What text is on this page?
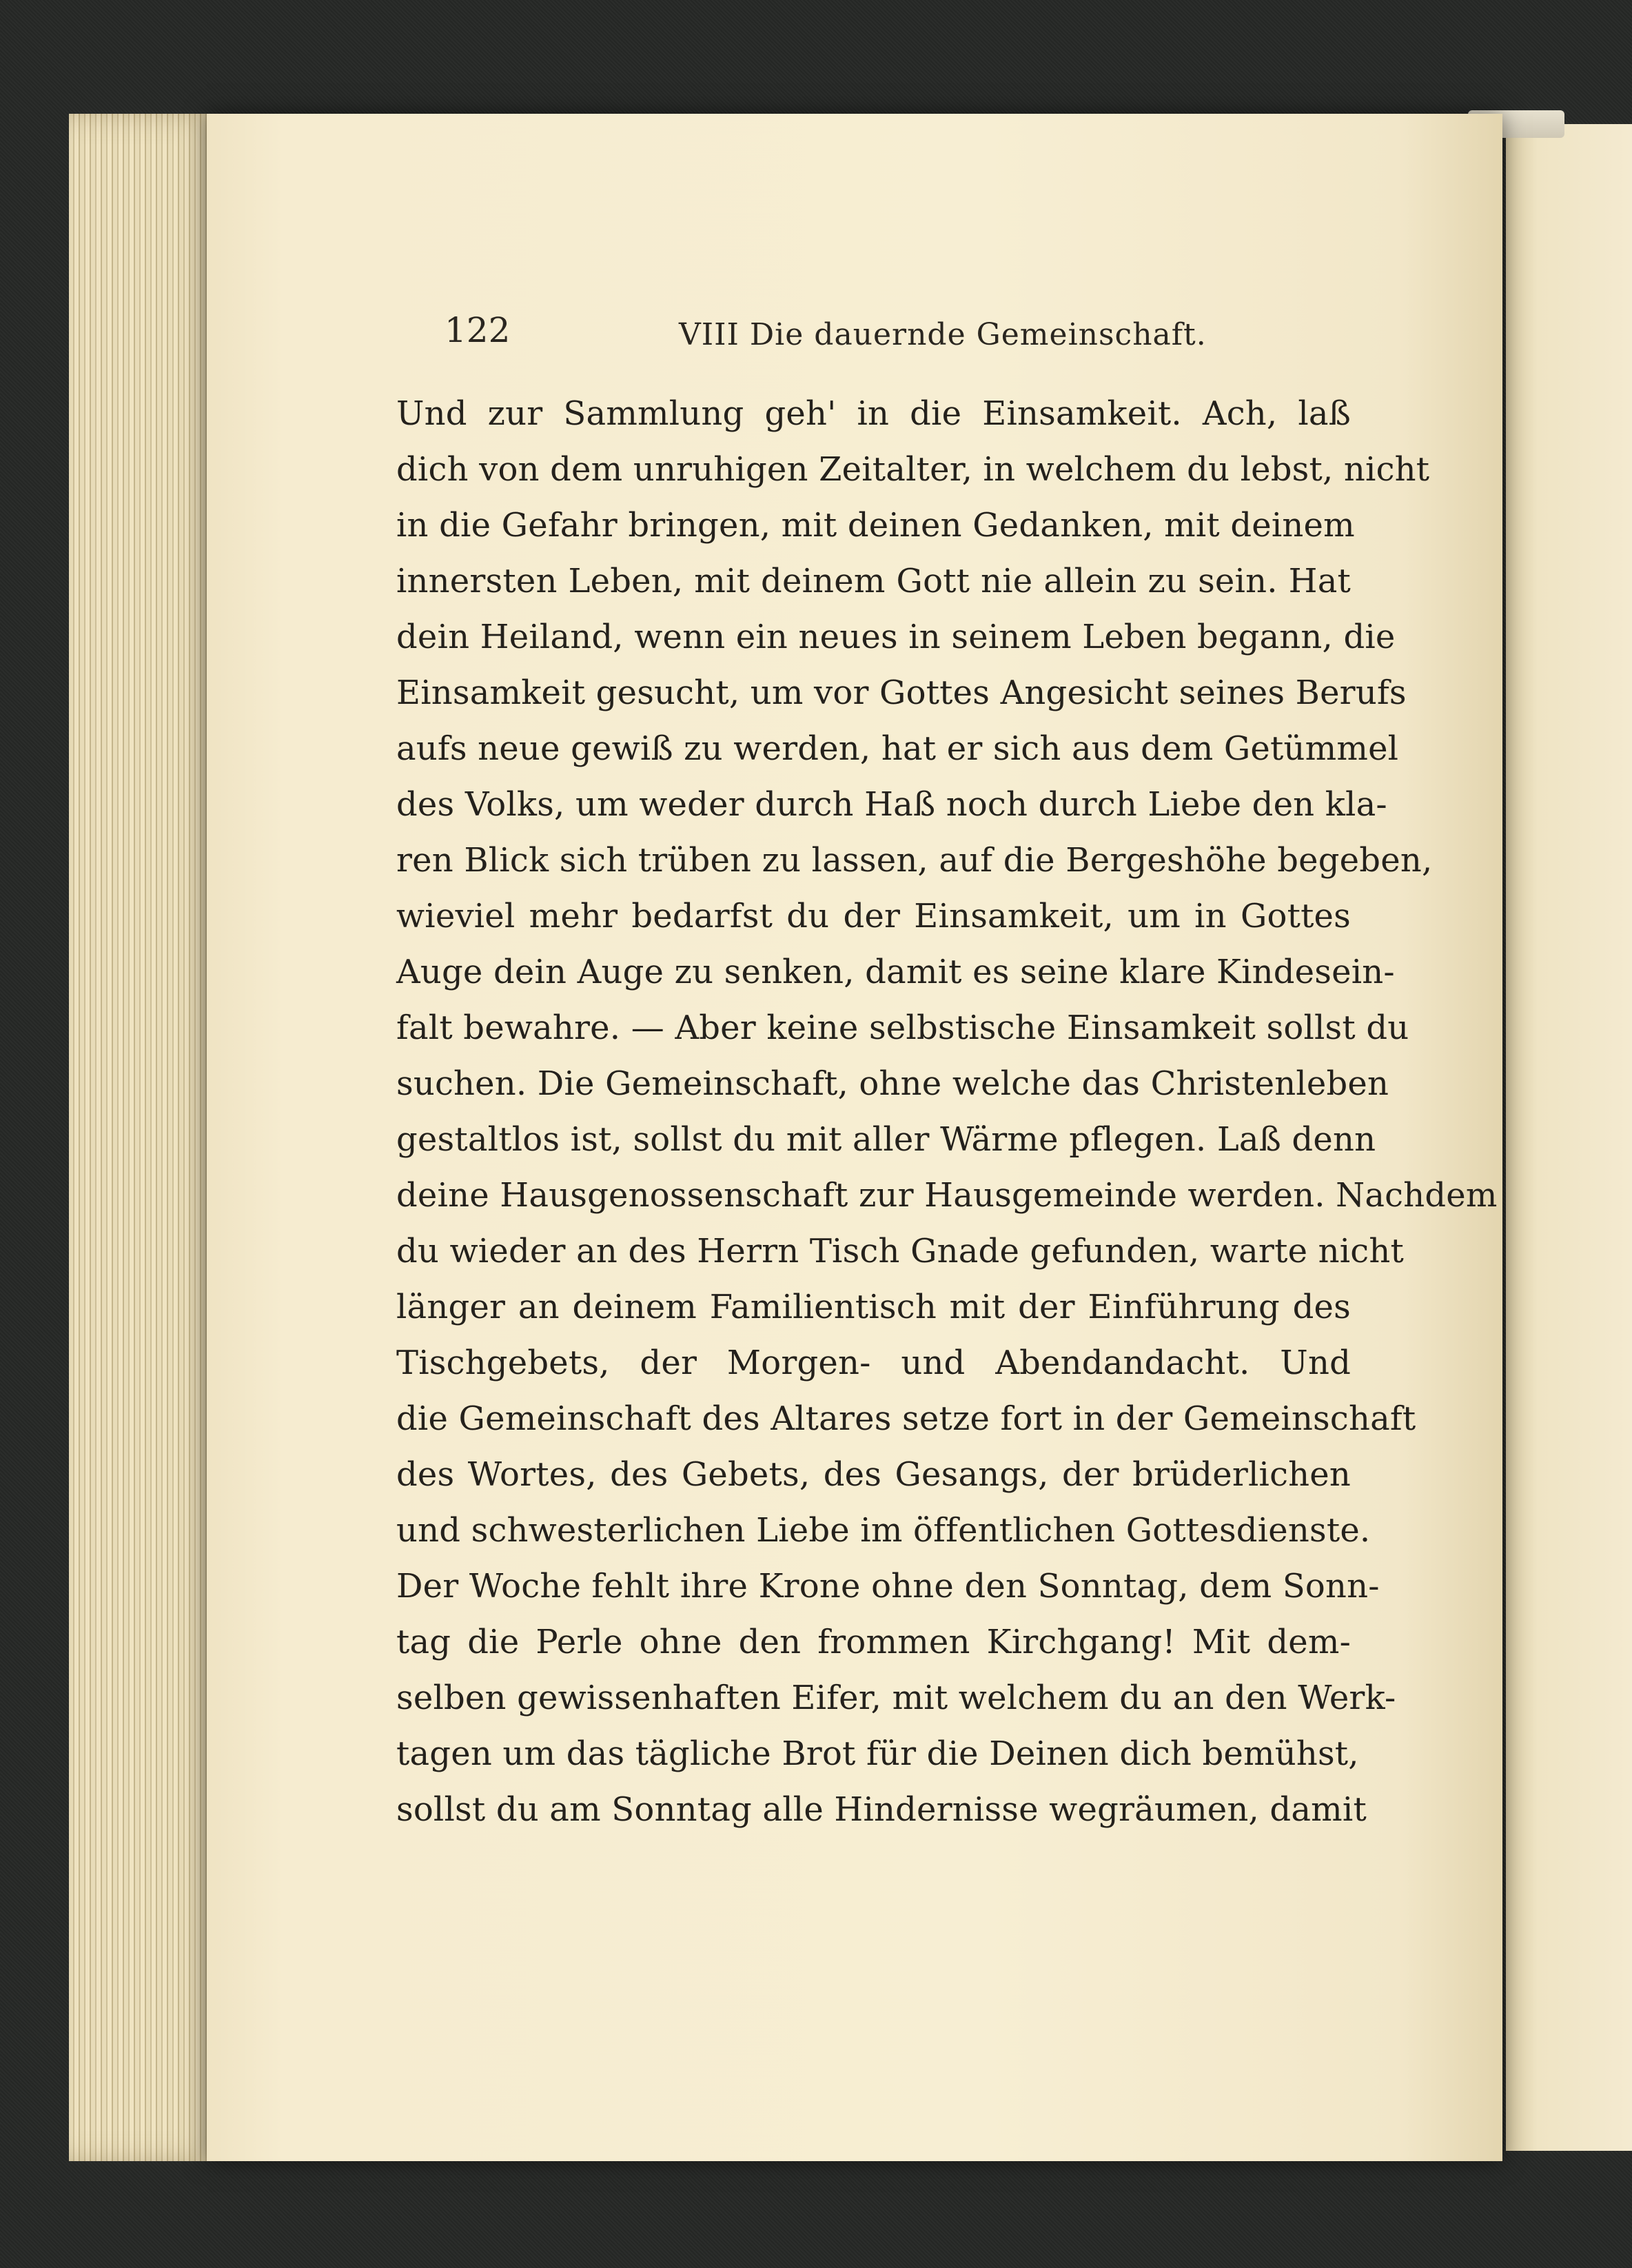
122	VIII Die dauernde Gemeinschaft.
Und zur Sammlung geh' in die Einsamkeit. Ach, laß
dich von dem unruhigen Zeitalter, in welchem du lebst, nicht
in die Gefahr bringen, mit deinen Gedanken, mit deinem
innersten Leben, mit deinem Gott nie allein zu sein. Hat
dein Heiland, wenn ein neues in seinem Leben begann, die
Einsamkeit gesucht, um vor Gottes Angesicht seines Berufs
aufs neue gewiß zu werden, hat er sich aus dem Getümmel
des Volks, um weder durch Haß noch durch Liebe den kla-
ren Blick sich trüben zu lassen, auf die Bergeshöhe begeben,
wieviel mehr bedarfst du der Einsamkeit, um in Gottes
Auge dein Auge zu senken, damit es seine klare Kindesein-
falt bewahre. — Aber keine selbstische Einsamkeit sollst du
suchen. Die Gemeinschaft, ohne welche das Christenleben
gestaltlos ist, sollst du mit aller Wärme pflegen. Laß denn
deine Hausgenossenschaft zur Hausgemeinde werden. Nachdem
du wieder an des Herrn Tisch Gnade gefunden, warte nicht
länger an deinem Familientisch mit der Einführung des
Tischgebets, der Morgen- und Abendandacht. Und
die Gemeinschaft des Altares setze fort in der Gemeinschaft
des Wortes, des Gebets, des Gesangs, der brüderlichen
und schwesterlichen Liebe im öffentlichen Gottesdienste.
Der Woche fehlt ihre Krone ohne den Sonntag, dem Sonn-
tag die Perle ohne den frommen Kirchgang! Mit dem-
selben gewissenhaften Eifer, mit welchem du an den Werk-
tagen um das tägliche Brot für die Deinen dich bemühst,
sollst du am Sonntag alle Hindernisse wegräumen, damit
